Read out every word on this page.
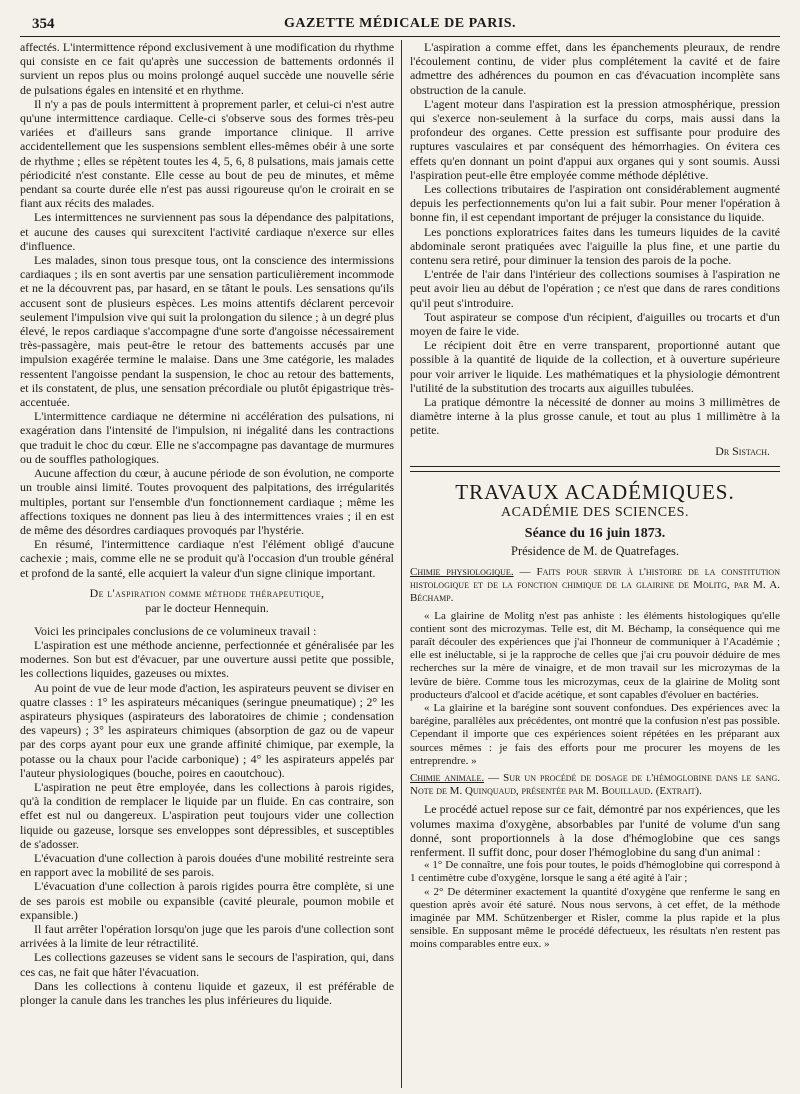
354	GAZETTE MÉDICALE DE PARIS.

affectés. L'intermittence répond exclusivement à une modification du rhythme qui consiste en ce fait qu'après une succession de battements ordonnés il survient un repos plus ou moins prolongé auquel succède une nouvelle série de pulsations égales en intensité et en rhythme.

Il n'y a pas de pouls intermittent à proprement parler, et celui-ci n'est autre qu'une intermittence cardiaque. Celle-ci s'observe sous des formes très-peu variées et d'ailleurs sans grande importance clinique. Il arrive accidentellement que les suspensions semblent elles-mêmes obéir à une sorte de rhythme ; elles se répètent toutes les 4, 5, 6, 8 pulsations, mais jamais cette périodicité n'est constante. Elle cesse au bout de peu de minutes, et même pendant sa courte durée elle n'est pas aussi rigoureuse qu'on le croirait en se fiant aux récits des malades.

Les intermittences ne surviennent pas sous la dépendance des palpitations, et aucune des causes qui surexcitent l'activité cardiaque n'exerce sur elles d'influence.

Les malades, sinon tous presque tous, ont la conscience des intermissions cardiaques ; ils en sont avertis par une sensation particulièrement incommode et ne la découvrent pas, par hasard, en se tâtant le pouls. Les sensations qu'ils accusent sont de plusieurs espèces. Les moins attentifs déclarent percevoir seulement l'impulsion vive qui suit la prolongation du silence ; à un degré plus élevé, le repos cardiaque s'accompagne d'une sorte d'angoisse nécessairement très-passagère, mais peut-être le retour des battements accusés par une impulsion exagérée termine le malaise. Dans une 3me catégorie, les malades ressentent l'angoisse pendant la suspension, le choc au retour des battements, et ils constatent, de plus, une sensation précordiale ou plutôt épigastrique très-accentuée.

L'intermittence cardiaque ne détermine ni accélération des pulsations, ni exagération dans l'intensité de l'impulsion, ni inégalité dans les contractions que traduit le choc du cœur. Elle ne s'accompagne pas davantage de murmures ou de souffles pathologiques.

Aucune affection du cœur, à aucune période de son évolution, ne comporte un trouble ainsi limité. Toutes provoquent des palpitations, des irrégularités multiples, portant sur l'ensemble d'un fonctionnement cardiaque ; même les affections toxiques ne donnent pas lieu à des intermittences vraies ; il en est de même des désordres cardiaques provoqués par l'hystérie.

En résumé, l'intermittence cardiaque n'est l'élément obligé d'aucune cachexie ; mais, comme elle ne se produit qu'à l'occasion d'un trouble général et profond de la santé, elle acquiert la valeur d'un signe clinique important.

De l'aspiration comme méthode thérapeutique,
par le docteur Hennequin.

Voici les principales conclusions de ce volumineux travail :

L'aspiration est une méthode ancienne, perfectionnée et généralisée par les modernes. Son but est d'évacuer, par une ouverture aussi petite que possible, les collections liquides, gazeuses ou mixtes.

Au point de vue de leur mode d'action, les aspirateurs peuvent se diviser en quatre classes : 1° les aspirateurs mécaniques (seringue pneumatique) ; 2° les aspirateurs physiques (aspirateurs des laboratoires de chimie ; condensation des vapeurs) ; 3° les aspirateurs chimiques (absorption de gaz ou de vapeur par des corps ayant pour eux une grande affinité chimique, par exemple, la potasse ou la chaux pour l'acide carbonique) ; 4° les aspirateurs appelés par l'auteur physiologiques (bouche, poires en caoutchouc).

L'aspiration ne peut être employée, dans les collections à parois rigides, qu'à la condition de remplacer le liquide par un fluide. En cas contraire, son effet est nul ou dangereux. L'aspiration peut toujours vider une collection liquide ou gazeuse, lorsque ses enveloppes sont dépressibles, et susceptibles de s'adosser.

L'évacuation d'une collection à parois douées d'une mobilité restreinte sera en rapport avec la mobilité de ses parois.

L'évacuation d'une collection à parois rigides pourra être complète, si une de ses parois est mobile ou expansible (cavité pleurale, poumon mobile et expansible.)

Il faut arrêter l'opération lorsqu'on juge que les parois d'une collection sont arrivées à la limite de leur rétractilité.

Les collections gazeuses se vident sans le secours de l'aspiration, qui, dans ces cas, ne fait que hâter l'évacuation.

Dans les collections à contenu liquide et gazeux, il est préférable de plonger la canule dans les tranches les plus inférieures du liquide.

L'aspiration a comme effet, dans les épanchements pleuraux, de rendre l'écoulement continu, de vider plus complétement la cavité et de faire admettre des adhérences du poumon en cas d'évacuation incomplète sans obstruction de la canule.

L'agent moteur dans l'aspiration est la pression atmosphérique, pression qui s'exerce non-seulement à la surface du corps, mais aussi dans la profondeur des organes. Cette pression est suffisante pour produire des ruptures vasculaires et par conséquent des hémorrhagies. On évitera ces effets qu'en donnant un point d'appui aux organes qui y sont soumis. Aussi l'aspiration peut-elle être employée comme méthode déplétive.

Les collections tributaires de l'aspiration ont considérablement augmenté depuis les perfectionnements qu'on lui a fait subir. Pour mener l'opération à bonne fin, il est cependant important de préjuger la consistance du liquide.

Les ponctions exploratrices faites dans les tumeurs liquides de la cavité abdominale seront pratiquées avec l'aiguille la plus fine, et une partie du contenu sera retiré, pour diminuer la tension des parois de la poche.

L'entrée de l'air dans l'intérieur des collections soumises à l'aspiration ne peut avoir lieu au début de l'opération ; ce n'est que dans de rares conditions qu'il peut s'introduire.

Tout aspirateur se compose d'un récipient, d'aiguilles ou trocarts et d'un moyen de faire le vide.

Le récipient doit être en verre transparent, proportionné autant que possible à la quantité de liquide de la collection, et à ouverture supérieure pour voir arriver le liquide. Les mathématiques et la physiologie démontrent l'utilité de la substitution des trocarts aux aiguilles tubulées.

La pratique démontre la nécessité de donner au moins 3 millimètres de diamètre interne à la plus grosse canule, et tout au plus 1 millimètre à la petite.

Dr Sistach.
TRAVAUX ACADÉMIQUES.
ACADÉMIE DES SCIENCES.
Séance du 16 juin 1873.
Présidence de M. de Quatrefages.

Chimie physiologique. — Faits pour servir à l'histoire de la constitution histologique et de la fonction chimique de la glairine de Molitg, par M. A. Béchamp.

« La glairine de Molitg n'est pas anhiste : les éléments histologiques qu'elle contient sont des microzymas. Telle est, dit M. Béchamp, la conséquence qui me paraît découler des expériences que j'ai l'honneur de communiquer à l'Académie ; elle est inéluctable, si je la rapproche de celles que j'ai cru pouvoir déduire de mes recherches sur la mère de vinaigre, et de mon travail sur les microzymas de la levûre de bière. Comme tous les microzymas, ceux de la glairine de Molitg sont producteurs d'alcool et d'acide acétique, et sont capables d'évoluer en bactéries.

« La glairine et la barégine sont souvent confondues. Des expériences avec la barégine, parallèles aux précédentes, ont montré que la confusion n'est pas possible. Cependant il importe que ces expériences soient répétées en les préparant aux sources mêmes : je fais des efforts pour me procurer les moyens de les entreprendre. »

Chimie animale. — Sur un procédé de dosage de l'hémoglobine dans le sang. Note de M. Quinquaud, présentée par M. Bouillaud. (Extrait).

Le procédé actuel repose sur ce fait, démontré par nos expériences, que les volumes maxima d'oxygène, absorbables par l'unité de volume d'un sang donné, sont proportionnels à la dose d'hémoglobine que ces sangs renferment. Il suffit donc, pour doser l'hémoglobine du sang d'un animal :

« 1° De connaître, une fois pour toutes, le poids d'hémoglobine qui correspond à 1 centimètre cube d'oxygène, lorsque le sang a été agité à l'air ;

« 2° De déterminer exactement la quantité d'oxygène que renferme le sang en question après avoir été saturé. Nous nous servons, à cet effet, de la méthode imaginée par MM. Schützenberger et Risler, comme la plus rapide et la plus sensible. En supposant même le procédé défectueux, les résultats n'en restent pas moins comparables entre eux. »
